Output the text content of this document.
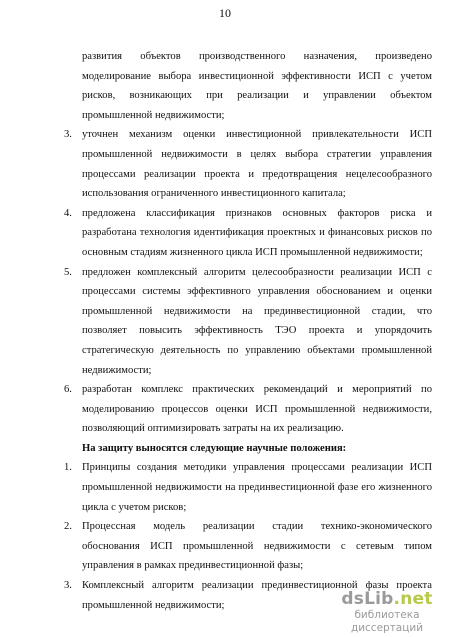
10

развития объектов производственного назначения, произведено моделирование выбора инвестиционной эффективности ИСП с учетом рисков, возникающих при реализации и управлении объектом промышленной недвижимости;

3. уточнен механизм оценки инвестиционной привлекательности ИСП промышленной недвижимости в целях выбора стратегии управления процессами реализации проекта и предотвращения нецелесообразного использования ограниченного инвестиционного капитала;
4. предложена классификация признаков основных факторов риска и разработана технология идентификация проектных и финансовых рисков по основным стадиям жизненного цикла ИСП промышленной недвижимости;
5. предложен комплексный алгоритм целесообразности реализации ИСП с процессами системы эффективного управления обоснованием и оценки промышленной недвижимости на прединвестиционной стадии, что позволяет повысить эффективность ТЭО проекта и упорядочить стратегическую деятельность по управлению объектами промышленной недвижимости;
6. разработан комплекс практических рекомендаций и мероприятий по моделированию процессов оценки ИСП промышленной недвижимости, позволяющий оптимизировать затраты на их реализацию.
На защиту выносятся следующие научные положения:
1. Принципы создания методики управления процессами реализации ИСП промышленной недвижимости на прединвестиционной фазе его жизненного цикла с учетом рисков;
2. Процессная модель реализации стадии технико-экономического обоснования ИСП промышленной недвижимости с сетевым типом управления в рамках прединвестиционной фазы;
3. Комплексный алгоритм реализации прединвестиционной фазы проекта промышленной недвижимости;	dsLib.net
библиотека диссертаций
